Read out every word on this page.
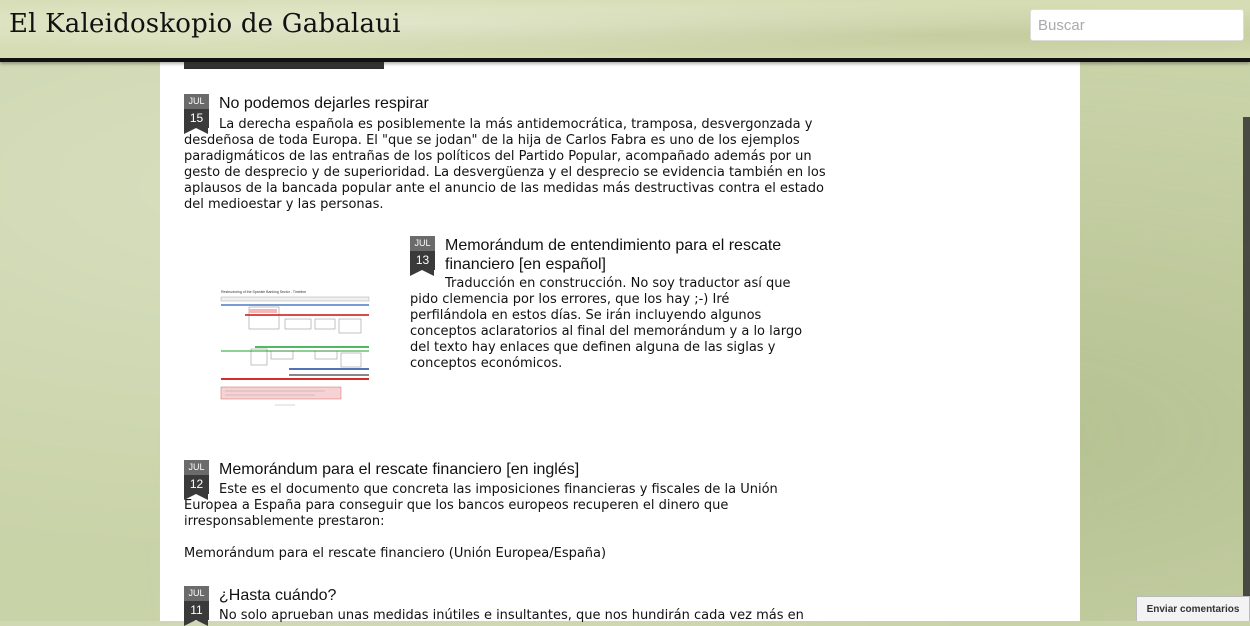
El Kaleidoskopio de Gabalaui
Buscar
JUL
15
No podemos dejarles respirar

La derecha española es posiblemente la más antidemocrática, tramposa, desvergonzada y desdeñosa de toda Europa. El "que se jodan" de la hija de Carlos Fabra es uno de los ejemplos paradigmáticos de las entrañas de los políticos del Partido Popular, acompañado además por un gesto de desprecio y de superioridad. La desvergüenza y el desprecio se evidencia también en los aplausos de la bancada popular ante el anuncio de las medidas más destructivas contra el estado del medioestar y las personas.

Restructuring of the Spanish Banking Sector - Timeline
JUL
13
Memorándum de entendimiento para el rescate financiero [en español]

Traducción en construcción. No soy traductor así que pido clemencia por los errores, que los hay ;-) Iré perfilándola en estos días. Se irán incluyendo algunos conceptos aclaratorios al final del memorándum y a lo largo del texto hay enlaces que definen alguna de las siglas y conceptos económicos.

JUL
12
Memorándum para el rescate financiero [en inglés]

Este es el documento que concreta las imposiciones financieras y fiscales de la Unión Europea a España para conseguir que los bancos europeos recuperen el dinero que irresponsablemente prestaron:

Memorándum para el rescate financiero (Unión Europea/España)

JUL
11
¿Hasta cuándo?

No solo aprueban unas medidas inútiles e insultantes, que nos hundirán cada vez más en	Enviar comentarios
